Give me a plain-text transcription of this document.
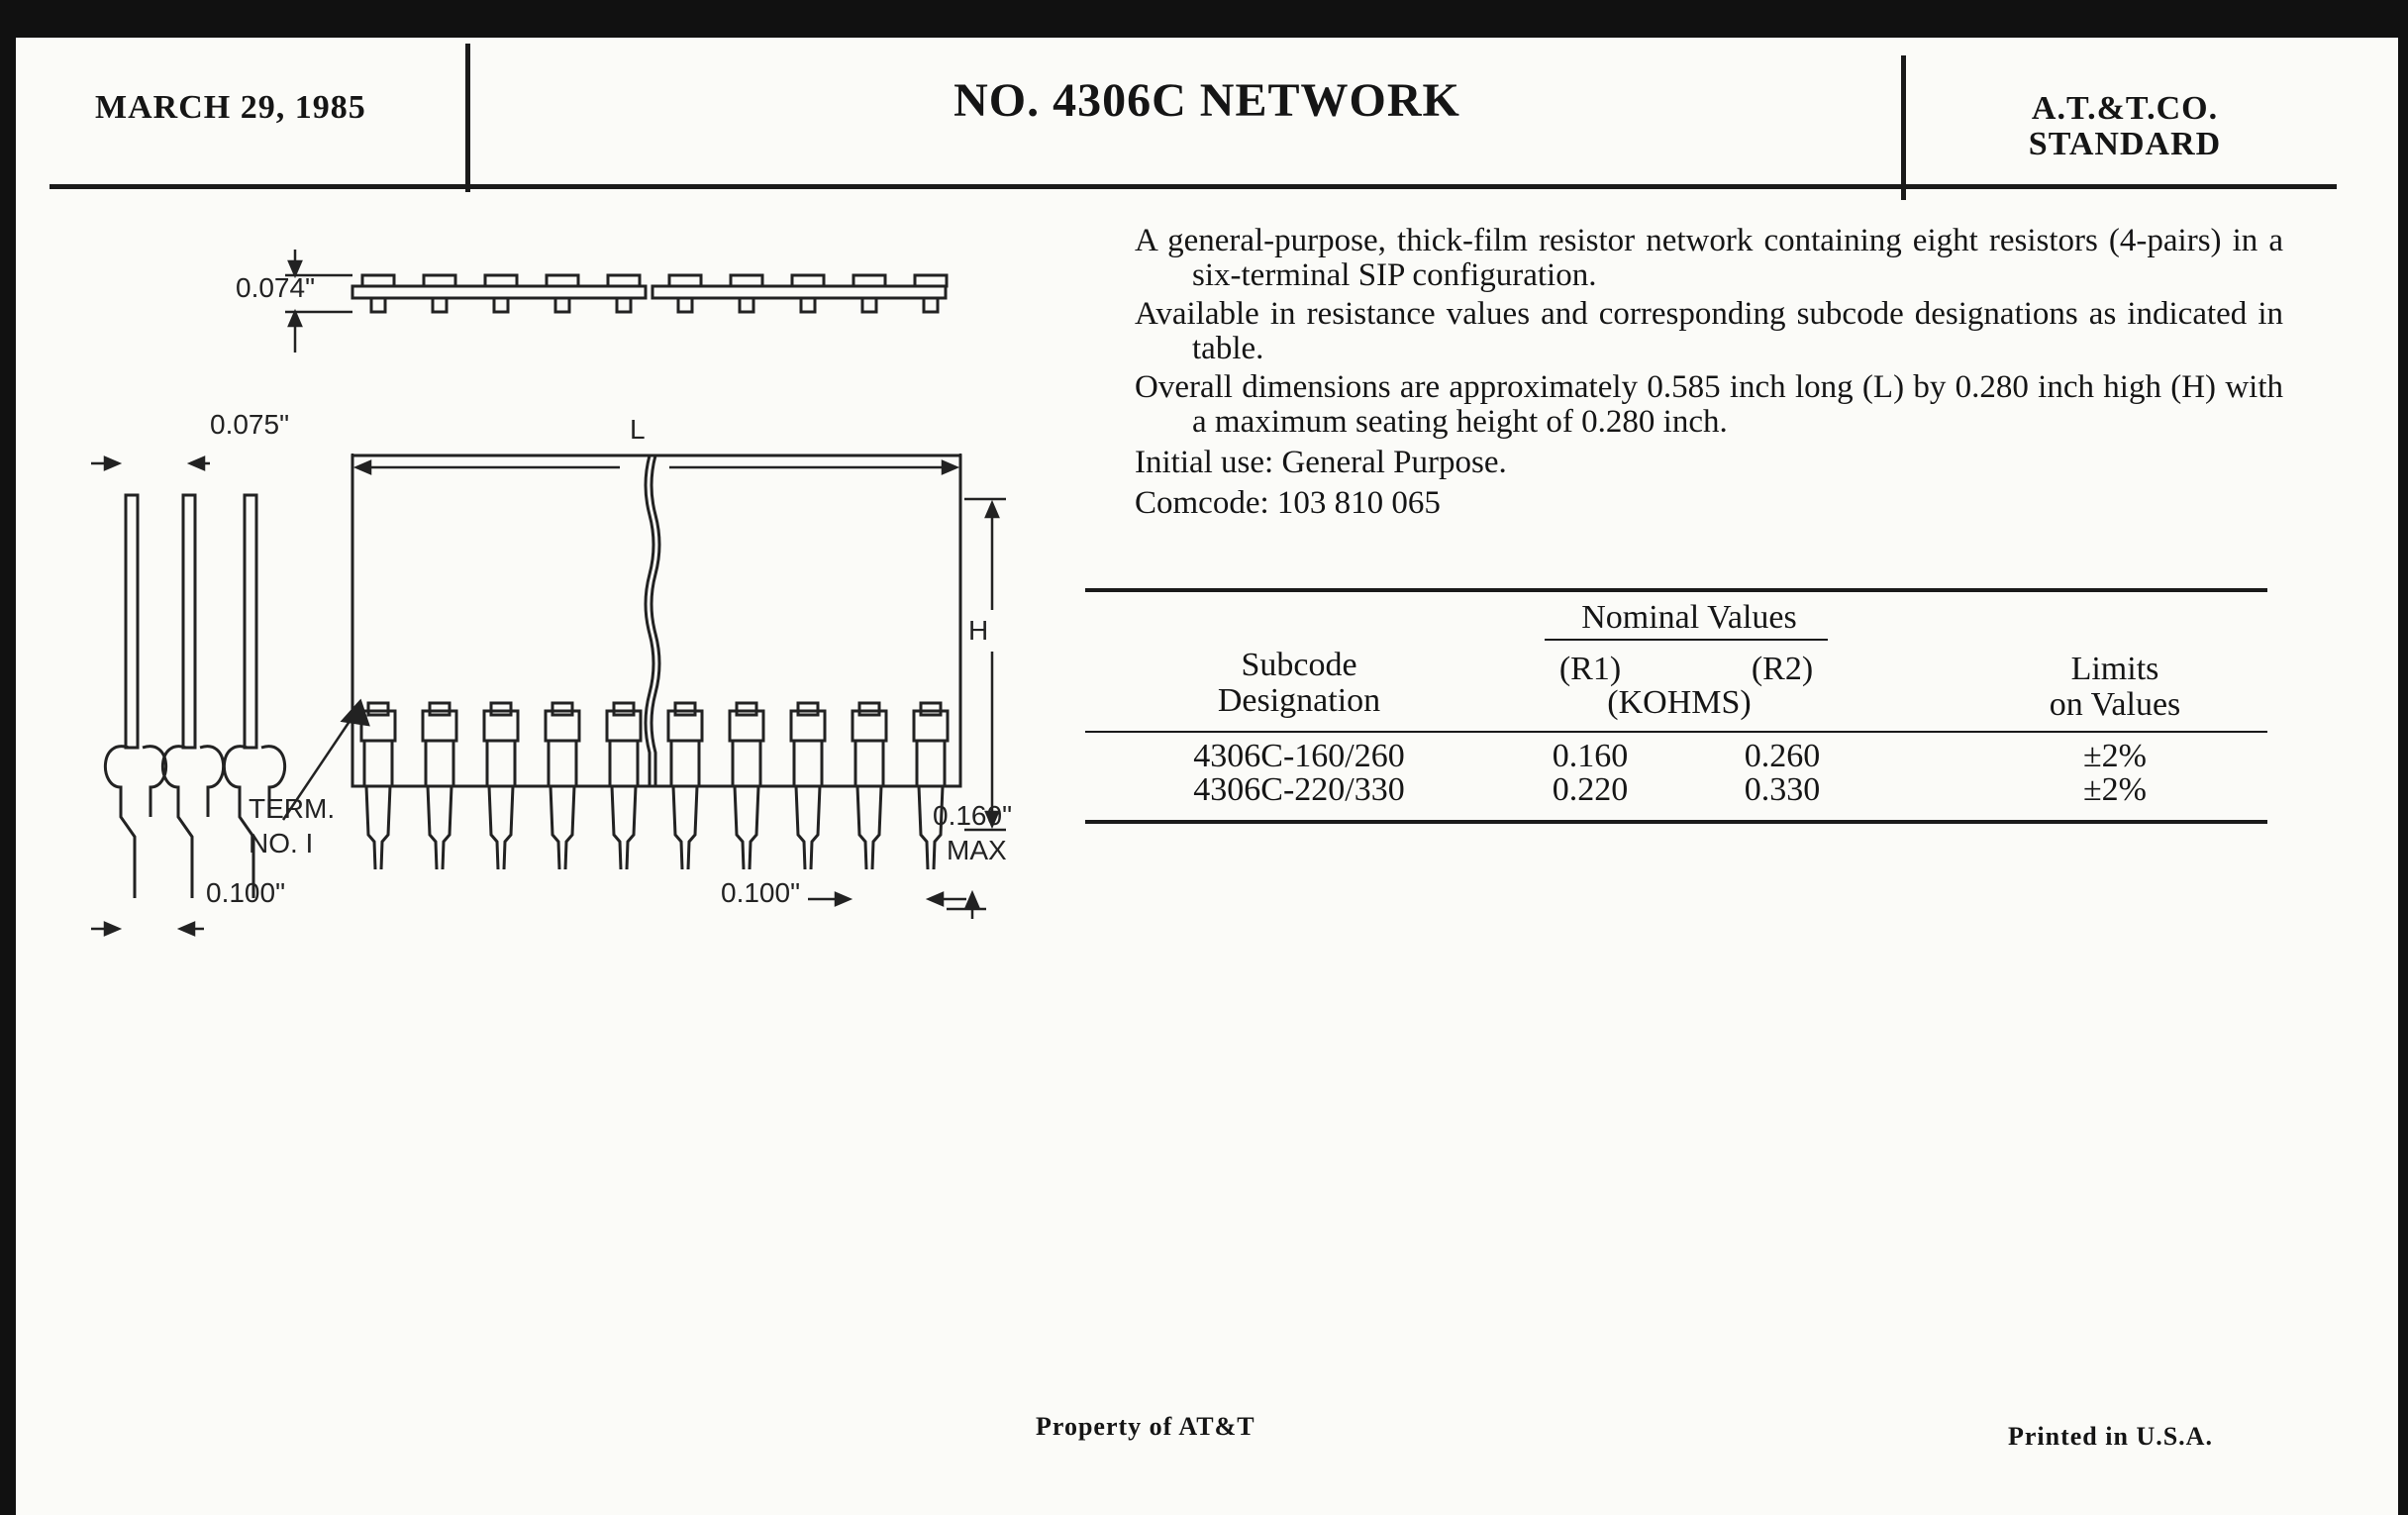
MARCH 29, 1985	NO. 4306C NETWORK	A.T.&T.CO.
STANDARD
0.074"
0.075"	L
H
TERM.
NO. I
0.100"	0.100"
0.160"
MAX

A general-purpose, thick-film resistor network containing eight resistors (4-pairs) in a six-terminal SIP configuration.

Available in resistance values and corresponding subcode designations as indicated in table.

Overall dimensions are approximately 0.585 inch long (L) by 0.280 inch high (H) with a maximum seating height of 0.280 inch.

Initial use: General Purpose.

Comcode: 103 810 065

Nominal Values
Subcode
Designation
(R1)	(R2)
(KOHMS)
Limits
on Values
4306C-160/260	0.160	0.260	±2%
4306C-220/330	0.220	0.330	±2%
Property of AT&T	Printed in U.S.A.
